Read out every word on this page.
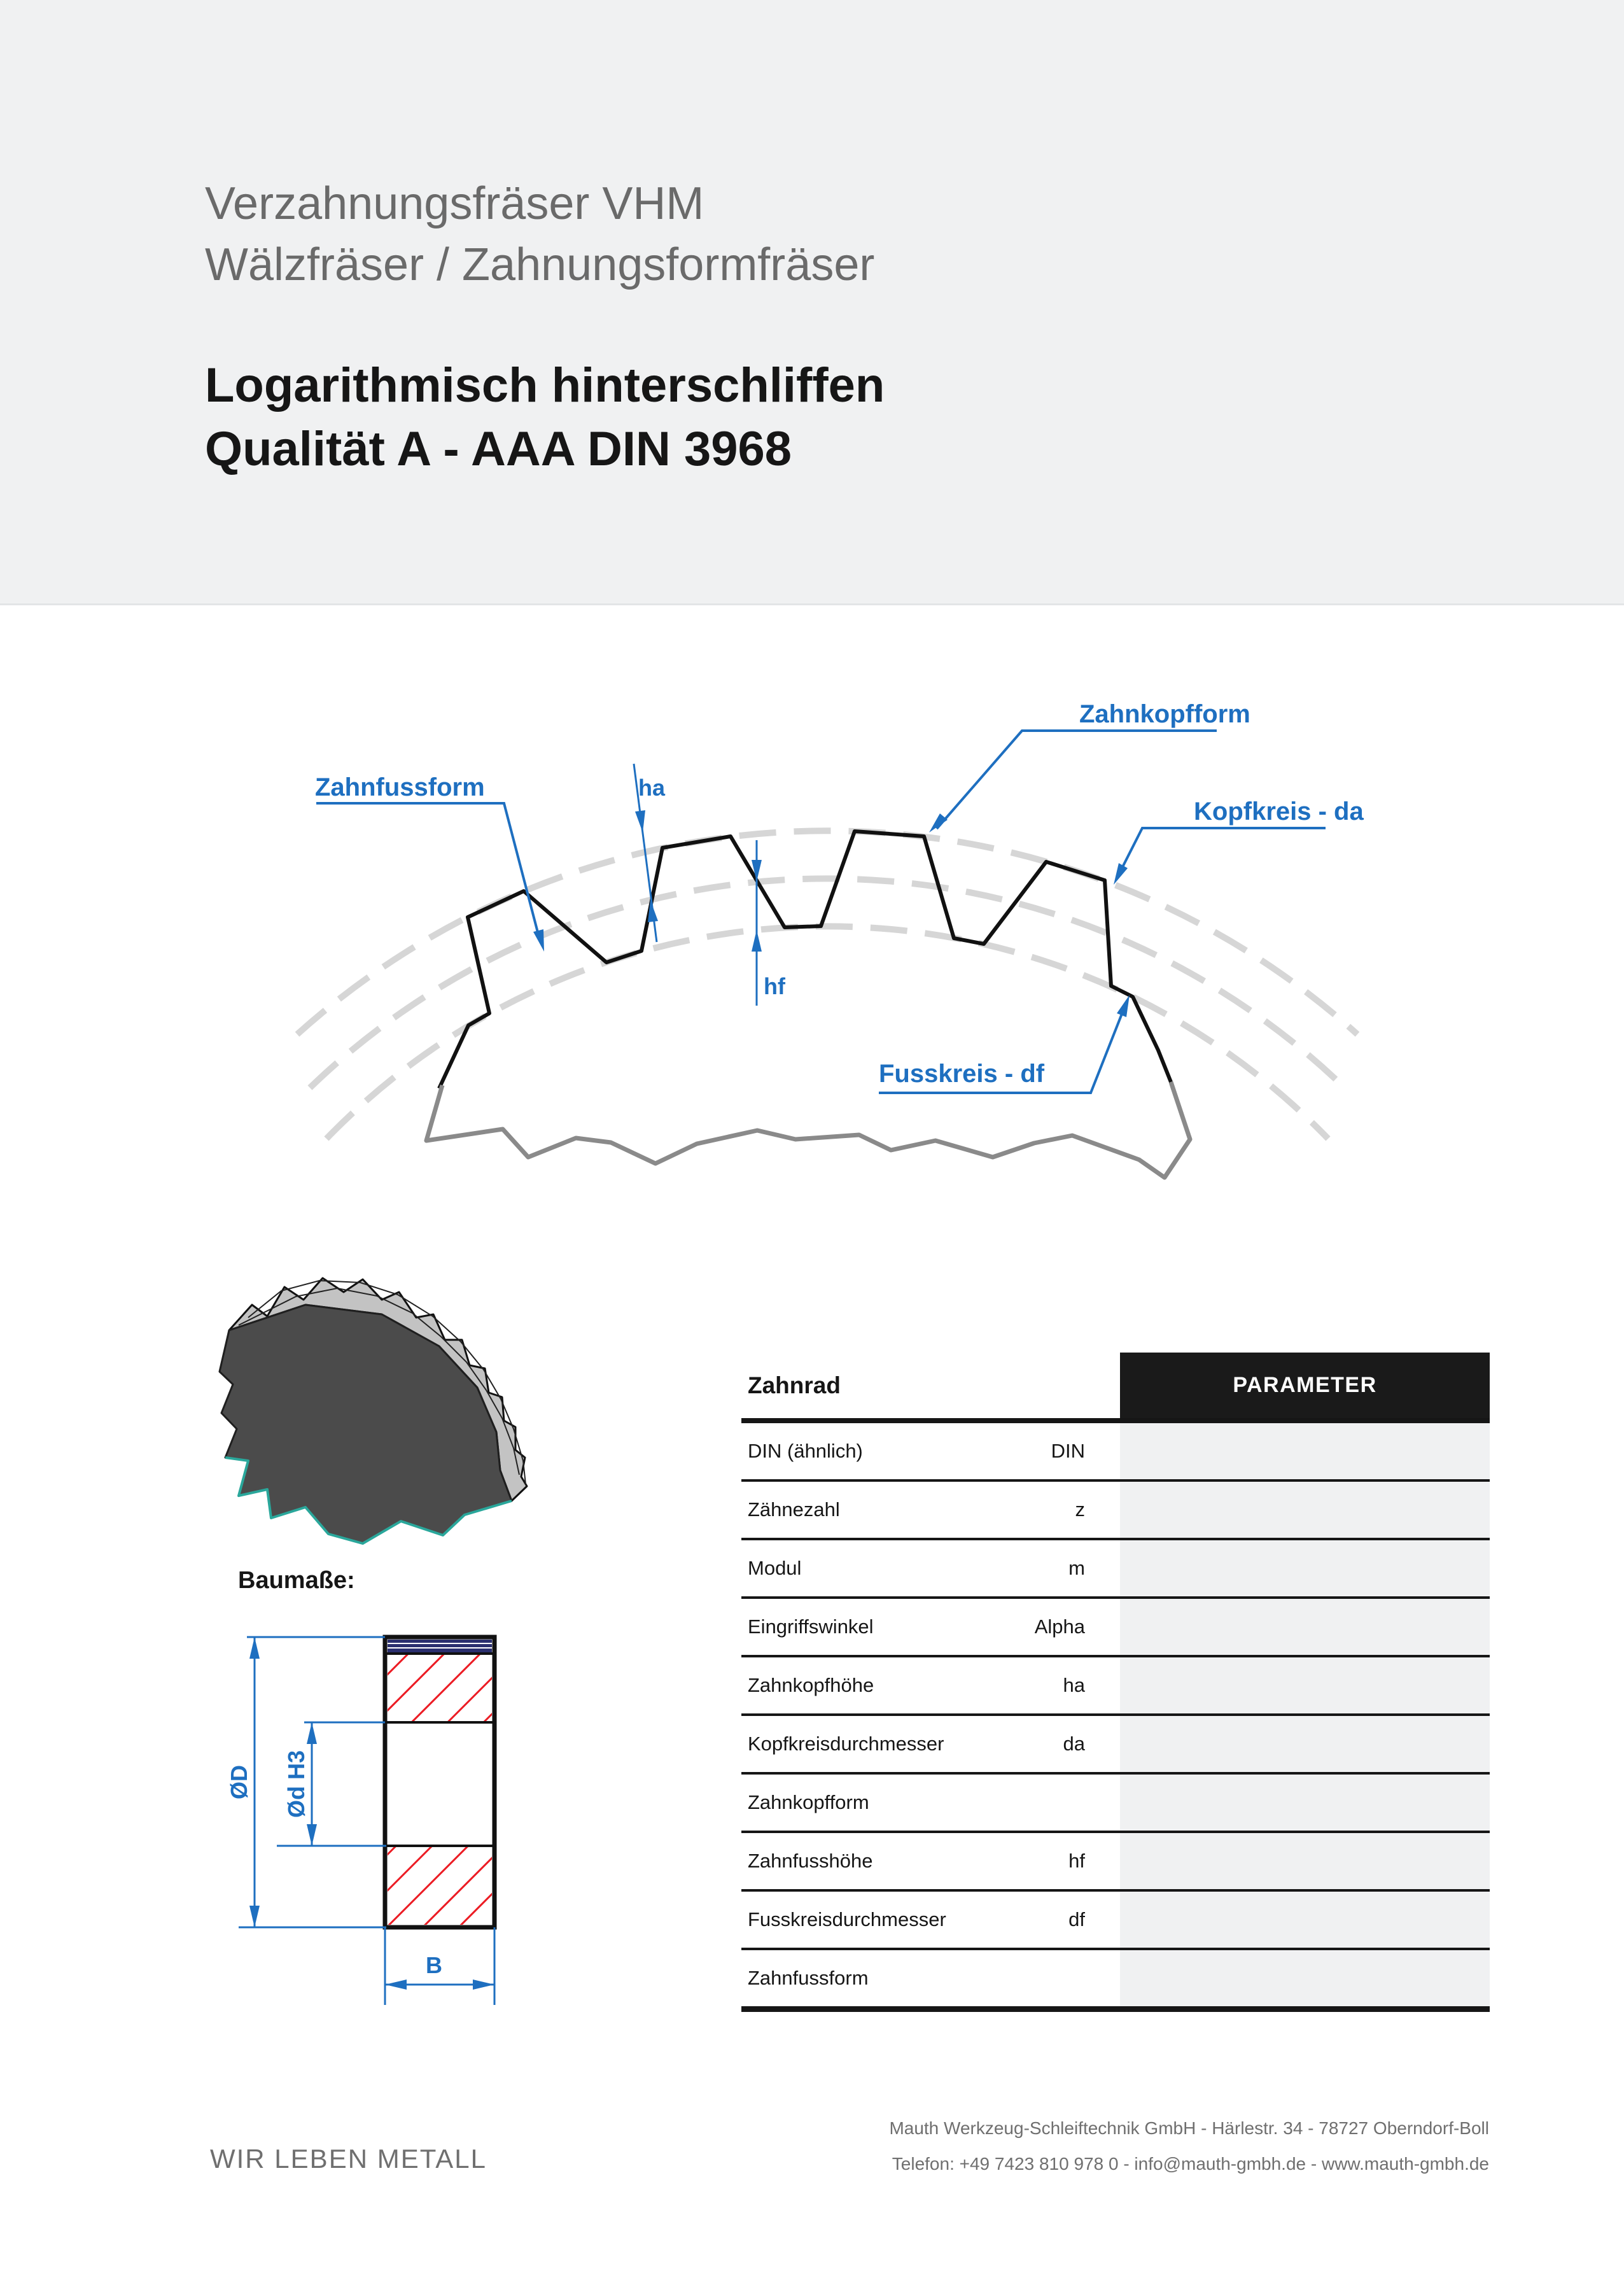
Verzahnungsfräser VHM
Wälzfräser / Zahnungsformfräser
Logarithmisch hinterschliffen
Qualität A - AAA DIN 3968
Zahnfussform
Zahnkopfform
Kopfkreis - da
Fusskreis - df
ha
hf
Baumaße:
ØD Ød H3
B
Zahnrad	PARAMETER
DIN (ähnlich)	DIN
Zähnezahl	z
Modul	m
Eingriffswinkel	Alpha
Zahnkopfhöhe	ha
Kopfkreisdurchmesser	da
Zahnkopfform
Zahnfusshöhe	hf
Fusskreisdurchmesser	df
Zahnfussform
WIR LEBEN METALL
Mauth Werkzeug-Schleiftechnik GmbH - Härlestr. 34 - 78727 Oberndorf-Boll
Telefon: +49 7423 810 978 0 - info@mauth-gmbh.de - www.mauth-gmbh.de
